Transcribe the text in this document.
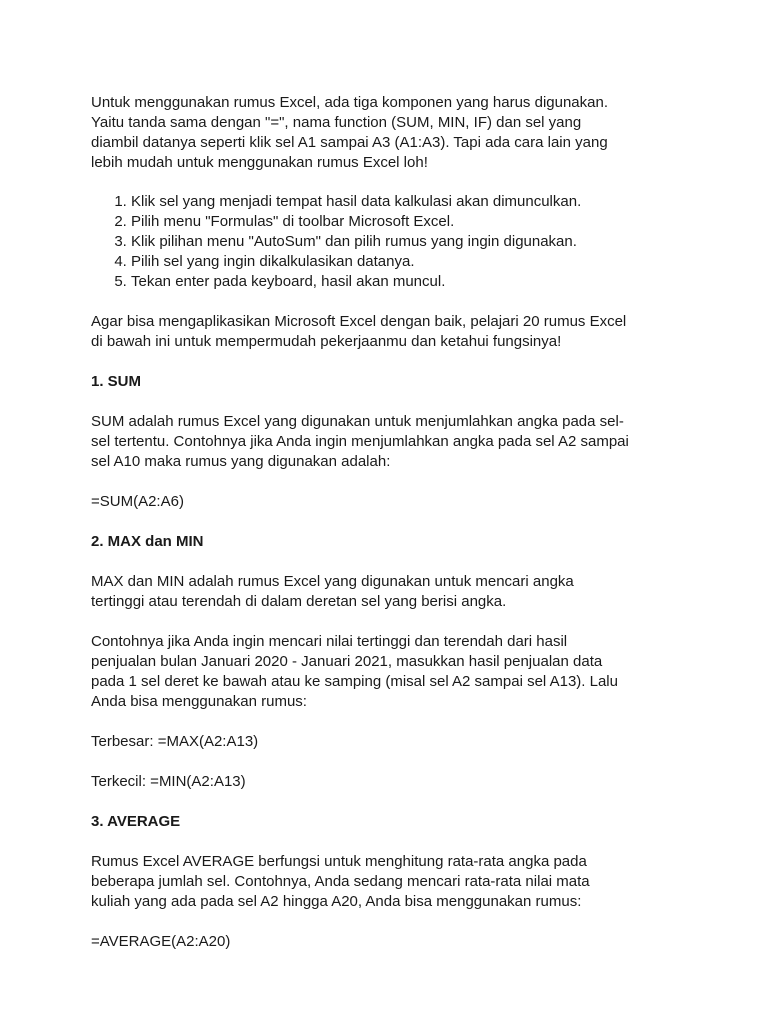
Untuk menggunakan rumus Excel, ada tiga komponen yang harus digunakan.
Yaitu tanda sama dengan "=", nama function (SUM, MIN, IF) dan sel yang
diambil datanya seperti klik sel A1 sampai A3 (A1:A3). Tapi ada cara lain yang
lebih mudah untuk menggunakan rumus Excel loh!

1. Klik sel yang menjadi tempat hasil data kalkulasi akan dimunculkan.
2. Pilih menu "Formulas" di toolbar Microsoft Excel.
3. Klik pilihan menu "AutoSum" dan pilih rumus yang ingin digunakan.
4. Pilih sel yang ingin dikalkulasikan datanya.
5. Tekan enter pada keyboard, hasil akan muncul.

Agar bisa mengaplikasikan Microsoft Excel dengan baik, pelajari 20 rumus Excel
di bawah ini untuk mempermudah pekerjaanmu dan ketahui fungsinya!

1. SUM

SUM adalah rumus Excel yang digunakan untuk menjumlahkan angka pada sel-
sel tertentu. Contohnya jika Anda ingin menjumlahkan angka pada sel A2 sampai
sel A10 maka rumus yang digunakan adalah:

=SUM(A2:A6)

2. MAX dan MIN

MAX dan MIN adalah rumus Excel yang digunakan untuk mencari angka
tertinggi atau terendah di dalam deretan sel yang berisi angka.

Contohnya jika Anda ingin mencari nilai tertinggi dan terendah dari hasil
penjualan bulan Januari 2020 - Januari 2021, masukkan hasil penjualan data
pada 1 sel deret ke bawah atau ke samping (misal sel A2 sampai sel A13). Lalu
Anda bisa menggunakan rumus:

Terbesar: =MAX(A2:A13)

Terkecil: =MIN(A2:A13)

3. AVERAGE

Rumus Excel AVERAGE berfungsi untuk menghitung rata-rata angka pada
beberapa jumlah sel. Contohnya, Anda sedang mencari rata-rata nilai mata
kuliah yang ada pada sel A2 hingga A20, Anda bisa menggunakan rumus:

=AVERAGE(A2:A20)
